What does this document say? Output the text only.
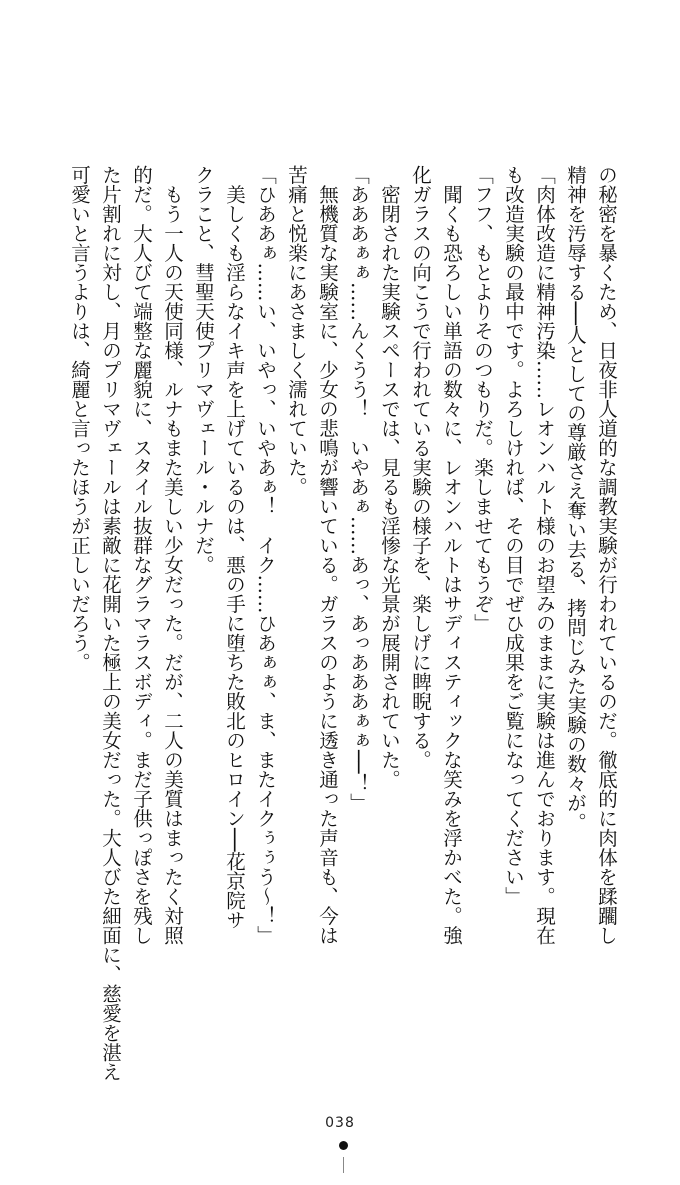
の秘密を暴くため、日夜非人道的な調教実験が行われているのだ。徹底的に肉体を蹂躙し
精神を汚辱する──人としての尊厳さえ奪い去る、拷問じみた実験の数々が。
「肉体改造に精神汚染……レオンハルト様のお望みのままに実験は進んでおります。現在
も改造実験の最中です。よろしければ、その目でぜひ成果をご覧になってください」
「フフ、もとよりそのつもりだ。楽しませてもうぞ」
　聞くも恐ろしい単語の数々に、レオンハルトはサディスティックな笑みを浮かべた。強
化ガラスの向こうで行われている実験の様子を、楽しげに睥睨する。
　密閉された実験スペースでは、見るも淫惨な光景が展開されていた。
「あああぁぁ……んくうう！　いやあぁ……あっ、あっあああぁぁ──！」
　無機質な実験室に、少女の悲鳴が響いている。ガラスのように透き通った声音も、今は
苦痛と悦楽にあさましく濡れていた。
「ひああぁ……い、いやっ、いやあぁ！　イク……ひあぁぁ、ま、またイクぅぅう～！」
　美しくも淫らなイキ声を上げているのは、悪の手に堕ちた敗北のヒロイン──花京院サ
クラこと、彗聖天使プリマヴェール・ルナだ。
　もう一人の天使同様、ルナもまた美しい少女だった。だが、二人の美質はまったく対照
的だ。大人びて端整な麗貌に、スタイル抜群なグラマラスボディ。まだ子供っぽさを残し
た片割れに対し、月のプリマヴェールは素敵に花開いた極上の美女だった。大人びた細面に、慈愛を湛え
可愛いと言うよりは、綺麗と言ったほうが正しいだろう。
038
